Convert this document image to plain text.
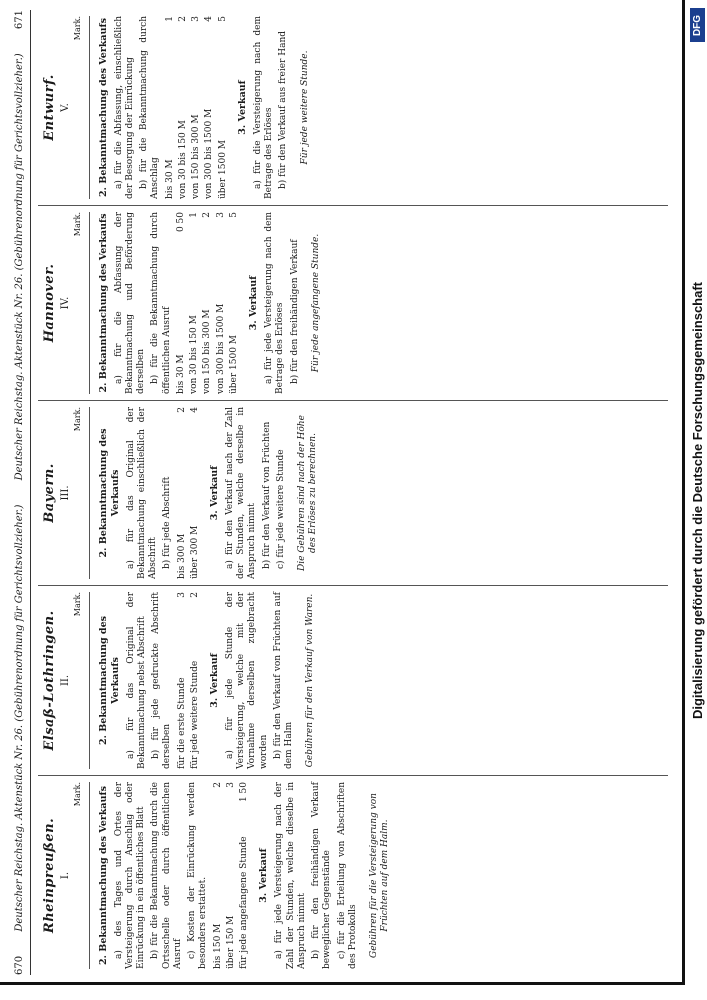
670
Deutscher Reichstag. Aktenstück Nr. 26. (Gebührenordnung für Gerichtsvollzieher.)
Deutscher Reichstag. Aktenstück Nr. 26. (Gebührenordnung für Gerichtsvollzieher.)
671
Rheinpreußen. I.
Mark. 2. Bekanntmachung des Verkaufs a) des Tages und Ortes der Versteigerung durch Anschlag oder Einrückung in ein öffentliches Blatt b) für die Bekanntmachung durch die Ortsschelle oder durch öffentlichen Ausruf c) Kosten der Einrückung werden besonders erstattet. bis 150 M
2
über 150 M
3
für jede angefangene Stunde
1 50
3. Verkauf a) für jede Versteigerung nach der Zahl der Stunden, welche dieselbe in Anspruch nimmt b) für den freihändigen Verkauf beweglicher Gegenstände c) für die Erteilung von Abschriften des Protokolls Gebühren für die Versteigerung von Früchten auf dem Halm.
Elsaß-Lothringen. II.
Mark.
2. Bekanntmachung des Verkaufs a) für das Original der Bekanntmachung nebst Abschrift b) für jede gedruckte Abschrift derselben für die erste Stunde
3
für jede weitere Stunde
2
3. Verkauf a) für jede Stunde der Versteigerung, welche mit der Vornahme derselben zugebracht worden b) für den Verkauf von Früchten auf dem Halm Gebühren für den Verkauf von Waren.
Bayern. III.
Mark.
2. Bekanntmachung des Verkaufs a) für das Original der Bekanntmachung einschließlich der Abschrift b) für jede Abschrift bis 300 M
2
über 300 M
4
3. Verkauf a) für den Verkauf nach der Zahl der Stunden, welche derselbe in Anspruch nimmt b) für den Verkauf von Früchten c) für jede weitere Stunde Die Gebühren sind nach der Höhe des Erlöses zu berechnen.
Hannover. IV.
Mark. 2. Bekanntmachung des Verkaufs a) für die Abfassung der Bekanntmachung und Beförderung derselben b) für die Bekanntmachung durch öffentlichen Ausruf bis 30 M
0 50
von 30 bis 150 M
1
von 150 bis 300 M
2
von 300 bis 1500 M
3
über 1500 M
5
3. Verkauf a) für jede Versteigerung nach dem Betrage des Erlöses b) für den freihändigen Verkauf Für jede angefangene Stunde.
Entwurf. V.
Mark. 2. Bekanntmachung des Verkaufs a) für die Abfassung, einschließlich der Besorgung der Einrückung b) für die Bekanntmachung durch Anschlag bis 30 M
1
von 30 bis 150 M
2
von 150 bis 300 M
3
von 300 bis 1500 M
4
über 1500 M
5
3. Verkauf a) für die Versteigerung nach dem Betrage des Erlöses b) für den Verkauf aus freier Hand Für jede weitere Stunde.
DFG
Digitalisierung gefördert durch die Deutsche Forschungsgemeinschaft
